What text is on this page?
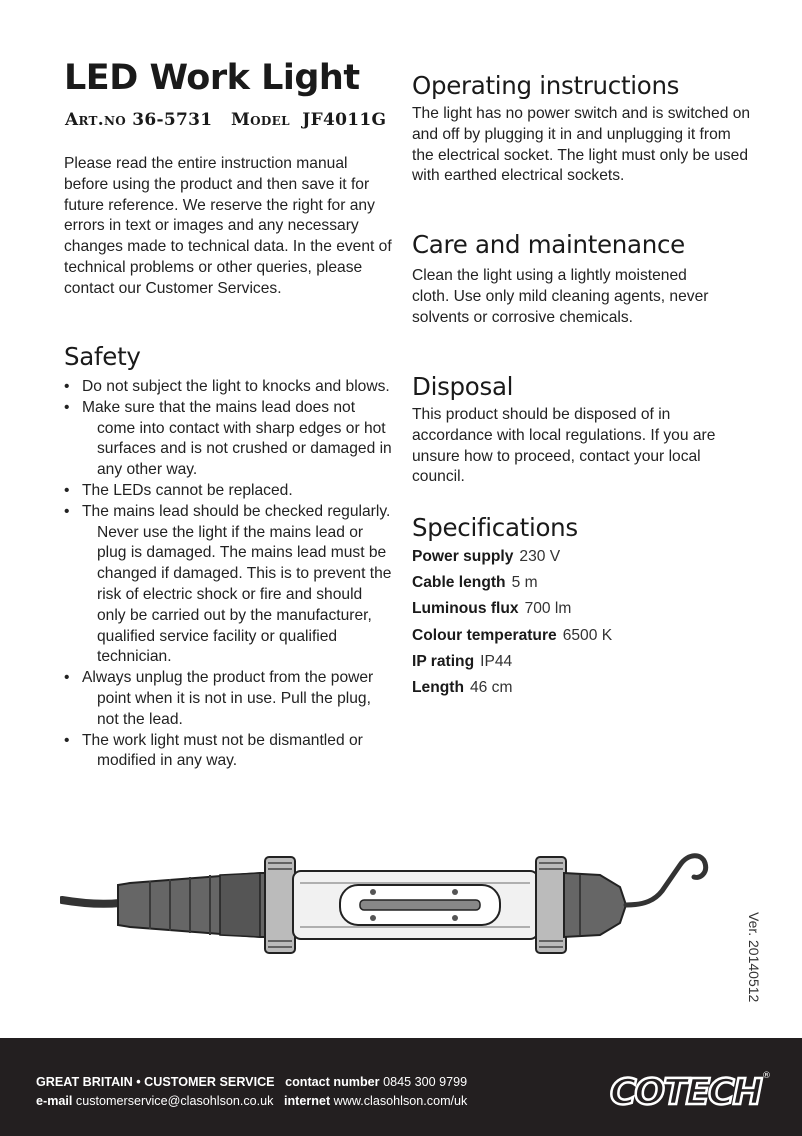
LED Work Light
Art.no 36-5731 Model JF4011G
Please read the entire instruction manual before using the product and then save it for future reference. We reserve the right for any errors in text or images and any necessary changes made to technical data. In the event of technical problems or other queries, please contact our Customer Services.
Safety
• Do not subject the light to knocks and blows.
• Make sure that the mains lead does not come into contact with sharp edges or hot surfaces and is not crushed or damaged in any other way.
• The LEDs cannot be replaced.
• The mains lead should be checked regularly. Never use the light if the mains lead or plug is damaged. The mains lead must be changed if damaged. This is to prevent the risk of electric shock or fire and should only be carried out by the manufacturer, qualified service facility or qualified technician.
• Always unplug the product from the power point when it is not in use. Pull the plug, not the lead.
• The work light must not be dismantled or modified in any way.
Operating instructions
The light has no power switch and is switched on and off by plugging it in and unplugging it from the electrical socket. The light must only be used with earthed electrical sockets.
Care and maintenance
Clean the light using a lightly moistened cloth. Use only mild cleaning agents, never solvents or corrosive chemicals.
Disposal
This product should be disposed of in accordance with local regulations. If you are unsure how to proceed, contact your local council.
Specifications
Power supply 230 V
Cable length 5 m
Luminous flux 700 lm
Colour temperature 6500 K
IP rating IP44
Length 46 cm
Ver. 20140512
GREAT BRITAIN • CUSTOMER SERVICE contact number 0845 300 9799
e-mail customerservice@clasohlson.co.uk internet www.clasohlson.com/uk	COTECH ®
